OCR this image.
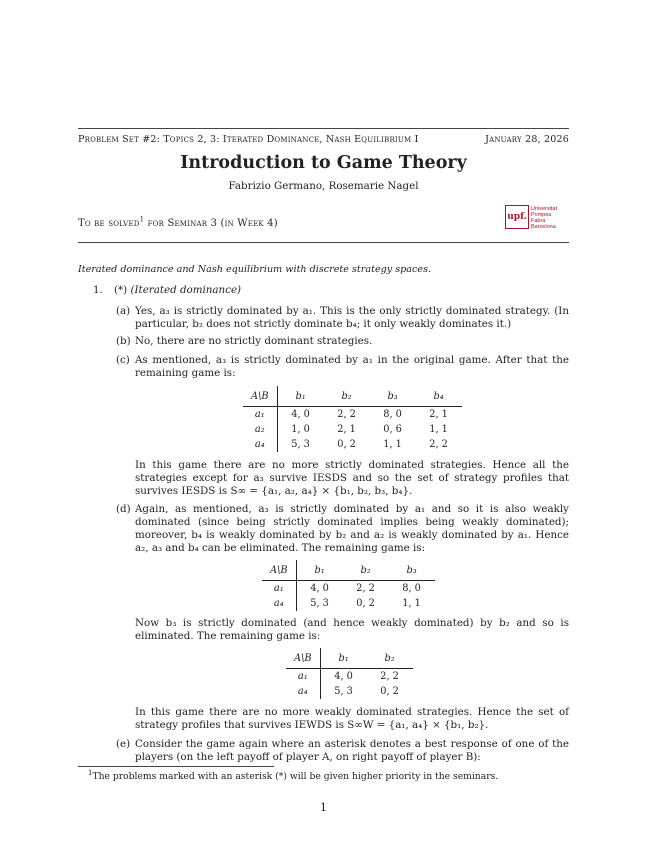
Problem Set #2: Topics 2, 3: Iterated Dominance, Nash Equilibrium I	January 28, 2026
Introduction to Game Theory
Fabrizio Germano, Rosemarie Nagel
To be solved$^1$ for Seminar 3 (in Week 4)
upf.
Universitat Pompeu Fabra Barcelona
Iterated dominance and Nash equilibrium with discrete strategy spaces.
1. (*) (Iterated dominance)
(a) Yes, a₃ is strictly dominated by a₁. This is the only strictly dominated strategy. (In particular, b₂ does not strictly dominate b₄; it only weakly dominates it.)
(b) No, there are no strictly dominant strategies.
(c) As mentioned, a₃ is strictly dominated by a₁ in the original game. After that the remaining game is:
A\B	b₁	b₂	b₃	b₄
a₁	4, 0	2, 2	8, 0	2, 1
a₂	1, 0	2, 1	0, 6	1, 1
a₄	5, 3	0, 2	1, 1	2, 2
In this game there are no more strictly dominated strategies. Hence all the strategies except for a₃ survive IESDS and so the set of strategy profiles that survives IESDS is S∞ = {a₁, a₂, a₄} × {b₁, b₂, b₃, b₄}.
(d) Again, as mentioned, a₃ is strictly dominated by a₁ and so it is also weakly dominated (since being strictly dominated implies being weakly dominated); moreover, b₄ is weakly dominated by b₂ and a₂ is weakly dominated by a₁. Hence a₂, a₃ and b₄ can be eliminated. The remaining game is:
A\B	b₁	b₂	b₃
a₁	4, 0	2, 2	8, 0
a₄	5, 3	0, 2	1, 1
Now b₃ is strictly dominated (and hence weakly dominated) by b₂ and so is eliminated. The remaining game is:
A\B	b₁	b₂
a₁	4, 0	2, 2
a₄	5, 3	0, 2
In this game there are no more weakly dominated strategies. Hence the set of strategy profiles that survives IEWDS is S∞W = {a₁, a₄} × {b₁, b₂}.
(e) Consider the game again where an asterisk denotes a best response of one of the players (on the left payoff of player A, on right payoff of player B):
$^1$The problems marked with an asterisk (*) will be given higher priority in the seminars.
1
